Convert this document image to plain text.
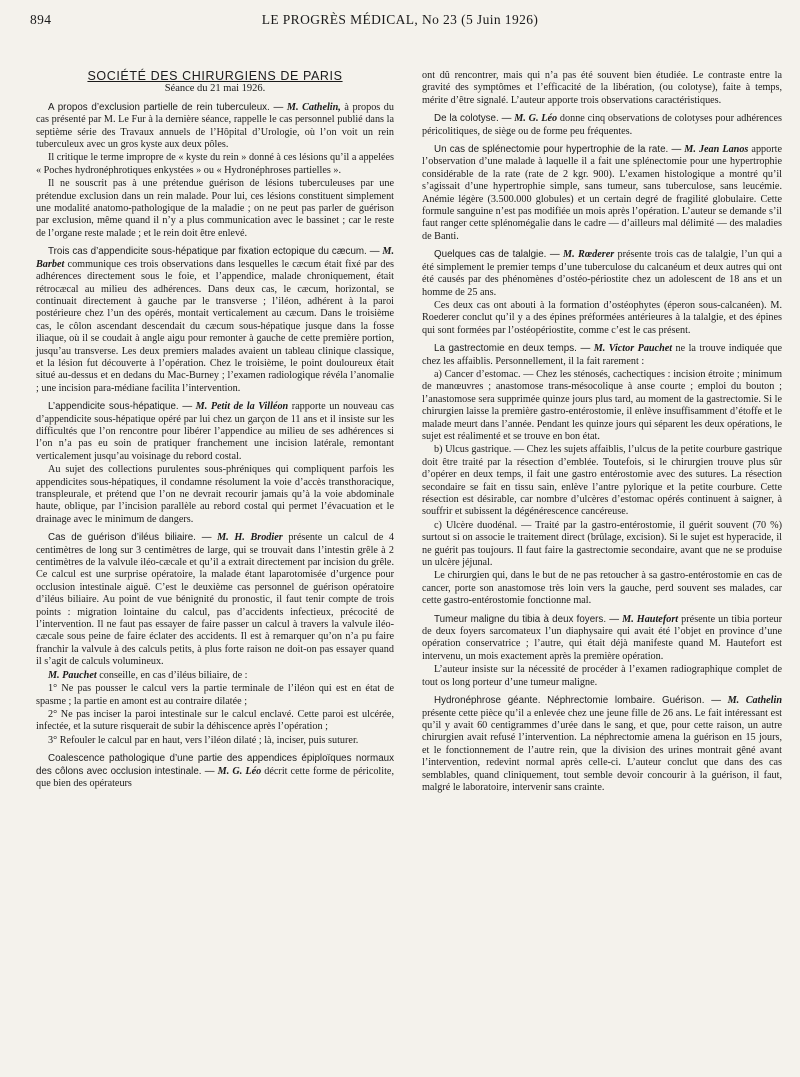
894	LE PROGRÈS MÉDICAL, No 23 (5 Juin 1926)
SOCIÉTÉ DES CHIRURGIENS DE PARIS
Séance du 21 mai 1926.

A propos d’exclusion partielle de rein tuberculeux. — M. Cathelin, à propos du cas présenté par M. Le Fur à la dernière séance, rappelle le cas personnel publié dans la septième série des Travaux annuels de l’Hôpital d’Urologie, où l’on voit un rein tuberculeux avec un gros kyste aux deux pôles.

Il critique le terme impropre de « kyste du rein » donné à ces lésions qu’il a appelées « Poches hydronéphrotiques enkystées » ou « Hydronéphroses partielles ».

Il ne souscrit pas à une prétendue guérison de lésions tuberculeuses par une prétendue exclusion dans un rein malade. Pour lui, ces lésions constituent simplement une modalité anatomo-pathologique de la maladie ; on ne peut pas parler de guérison par exclusion, même quand il n’y a plus communication avec le bassinet ; car le reste de l’organe reste malade ; et le rein doit être enlevé.

Trois cas d’appendicite sous-hépatique par fixation ectopique du cæcum. — M. Barbet communique ces trois observations dans lesquelles le cæcum était fixé par des adhérences directement sous le foie, et l’appendice, malade chroniquement, était rétrocæcal au milieu des adhérences. Dans deux cas, le cæcum, horizontal, se continuait directement à gauche par le transverse ; l’iléon, adhérent à la paroi postérieure chez l’un des opérés, montait verticalement au cæcum. Dans le troisième cas, le côlon ascendant descendait du cæcum sous-hépatique jusque dans la fosse iliaque, où il se coudait à angle aigu pour remonter à gauche de cette première portion, jusqu’au transverse. Les deux premiers malades avaient un tableau clinique classique, et la lésion fut découverte à l’opération. Chez le troisième, le point douloureux était situé au-dessus et en dedans du Mac-Burney ; l’examen radiologique révéla l’anomalie ; une incision para-médiane facilita l’intervention.

L’appendicite sous-hépatique. — M. Petit de la Villéon rapporte un nouveau cas d’appendicite sous-hépatique opéré par lui chez un garçon de 11 ans et il insiste sur les difficultés que l’on rencontre pour libérer l’appendice au milieu de ses adhérences si l’on n’a pas eu soin de pratiquer franchement une incision latérale, remontant verticalement jusqu’au voisinage du rebord costal.

Au sujet des collections purulentes sous-phréniques qui compliquent parfois les appendicites sous-hépatiques, il condamne résolument la voie d’accès transthoracique, transpleurale, et prétend que l’on ne devrait recourir jamais qu’à la voie abdominale haute, oblique, par l’incision parallèle au rebord costal qui permet l’évacuation et le drainage avec le minimum de dangers.

Cas de guérison d’iléus biliaire. — M. H. Brodier présente un calcul de 4 centimètres de long sur 3 centimètres de large, qui se trouvait dans l’intestin grêle à 2 centimètres de la valvule iléo-cæcale et qu’il a extrait directement par incision du grêle. Ce calcul est une surprise opératoire, la malade étant laparotomisée d’urgence pour occlusion intestinale aiguë. C’est le deuxième cas personnel de guérison opératoire d’iléus biliaire. Au point de vue bénignité du pronostic, il faut tenir compte de trois points : migration lointaine du calcul, pas d’accidents infectieux, précocité de l’intervention. Il ne faut pas essayer de faire passer un calcul à travers la valvule iléo-cæcale sous peine de faire éclater des accidents. Il est à remarquer qu’on n’a pu faire franchir la valvule à des calculs petits, à plus forte raison ne doit-on pas essayer quand il s’agit de calculs volumineux.

M. Pauchet conseille, en cas d’iléus biliaire, de :

1° Ne pas pousser le calcul vers la partie terminale de l’iléon qui est en état de spasme ; la partie en amont est au contraire dilatée ;

2° Ne pas inciser la paroi intestinale sur le calcul enclavé. Cette paroi est ulcérée, infectée, et la suture risquerait de subir la déhiscence après l’opération ;

3° Refouler le calcul par en haut, vers l’iléon dilaté ; là, inciser, puis suturer.

Coalescence pathologique d’une partie des appendices épiploïques normaux des côlons avec occlusion intestinale. — M. G. Léo décrit cette forme de péricolite, que bien des opérateurs

ont dû rencontrer, mais qui n’a pas été souvent bien étudiée. Le contraste entre la gravité des symptômes et l’efficacité de la libération, (ou colotyse), faite à temps, mérite d’être signalé. L’auteur apporte trois observations caractéristiques.

De la colotyse. — M. G. Léo donne cinq observations de colotyses pour adhérences péricolitiques, de siège ou de forme peu fréquentes.

Un cas de splénectomie pour hypertrophie de la rate. — M. Jean Lanos apporte l’observation d’une malade à laquelle il a fait une splénectomie pour une hypertrophie considérable de la rate (rate de 2 kgr. 900). L’examen histologique a montré qu’il s’agissait d’une hypertrophie simple, sans tumeur, sans tuberculose, sans leucémie. Anémie légère (3.500.000 globules) et un certain degré de fragilité globulaire. Cette formule sanguine n’est pas modifiée un mois après l’opération. L’auteur se demande s’il faut ranger cette splénomégalie dans le cadre — d’ailleurs mal délimité — des maladies de Banti.

Quelques cas de talalgie. — M. Rœderer présente trois cas de talalgie, l’un qui a été simplement le premier temps d’une tuberculose du calcanéum et deux autres qui ont été causés par des phénomènes d’ostéo-périostite chez un adolescent de 18 ans et un homme de 25 ans.

Ces deux cas ont abouti à la formation d’ostéophytes (éperon sous-calcanéen). M. Roederer conclut qu’il y a des épines préformées antérieures à la talalgie, et des épines qui sont formées par l’ostéopériostite, comme c’est le cas présent.

La gastrectomie en deux temps. — M. Victor Pauchet ne la trouve indiquée que chez les affaiblis. Personnellement, il la fait rarement :

a) Cancer d’estomac. — Chez les sténosés, cachectiques : incision étroite ; minimum de manœuvres ; anastomose trans-mésocolique à anse courte ; emploi du bouton ; l’anastomose sera supprimée quinze jours plus tard, au moment de la gastrectomie. Si le chirurgien laisse la première gastro-entérostomie, il enlève insuffisamment d’étoffe et le malade meurt dans l’année. Pendant les quinze jours qui séparent les deux opérations, le sujet est réalimenté et se trouve en bon état.

b) Ulcus gastrique. — Chez les sujets affaiblis, l’ulcus de la petite courbure gastrique doit être traité par la résection d’emblée. Toutefois, si le chirurgien trouve plus sûr d’opérer en deux temps, il fait une gastro entérostomie avec des sutures. La résection secondaire se fait en tissu sain, enlève l’antre pylorique et la petite courbure. Cette résection est désirable, car nombre d’ulcères d’estomac opérés continuent à saigner, à souffrir et subissent la dégénérescence cancéreuse.

c) Ulcère duodénal. — Traité par la gastro-entérostomie, il guérit souvent (70 %) surtout si on associe le traitement direct (brûlage, excision). Si le sujet est hyperacide, il ne guérit pas toujours. Il faut faire la gastrectomie secondaire, avant que ne se produise un ulcère jéjunal.

Le chirurgien qui, dans le but de ne pas retoucher à sa gastro-entérostomie en cas de cancer, porte son anastomose très loin vers la gauche, perd souvent ses malades, car cette gastro-entérostomie fonctionne mal.

Tumeur maligne du tibia à deux foyers. — M. Hautefort présente un tibia porteur de deux foyers sarcomateux l’un diaphysaire qui avait été l’objet en province d’une opération conservatrice ; l’autre, qui était déjà manifeste quand M. Hautefort est intervenu, un mois exactement après la première opération.

L’auteur insiste sur la nécessité de procéder à l’examen radiographique complet de tout os long porteur d’une tumeur maligne.

Hydronéphrose géante. Néphrectomie lombaire. Guérison. — M. Cathelin présente cette pièce qu’il a enlevée chez une jeune fille de 26 ans. Le fait intéressant est qu’il y avait 60 centigrammes d’urée dans le sang, et que, pour cette raison, un autre chirurgien avait refusé l’intervention. La néphrectomie amena la guérison en 15 jours, et le fonctionnement de l’autre rein, que la division des urines montrait gêné avant l’intervention, redevint normal après celle-ci. L’auteur conclut que dans des cas semblables, quand cliniquement, tout semble devoir concourir à la guérison, il faut, malgré le laboratoire, intervenir sans crainte.
